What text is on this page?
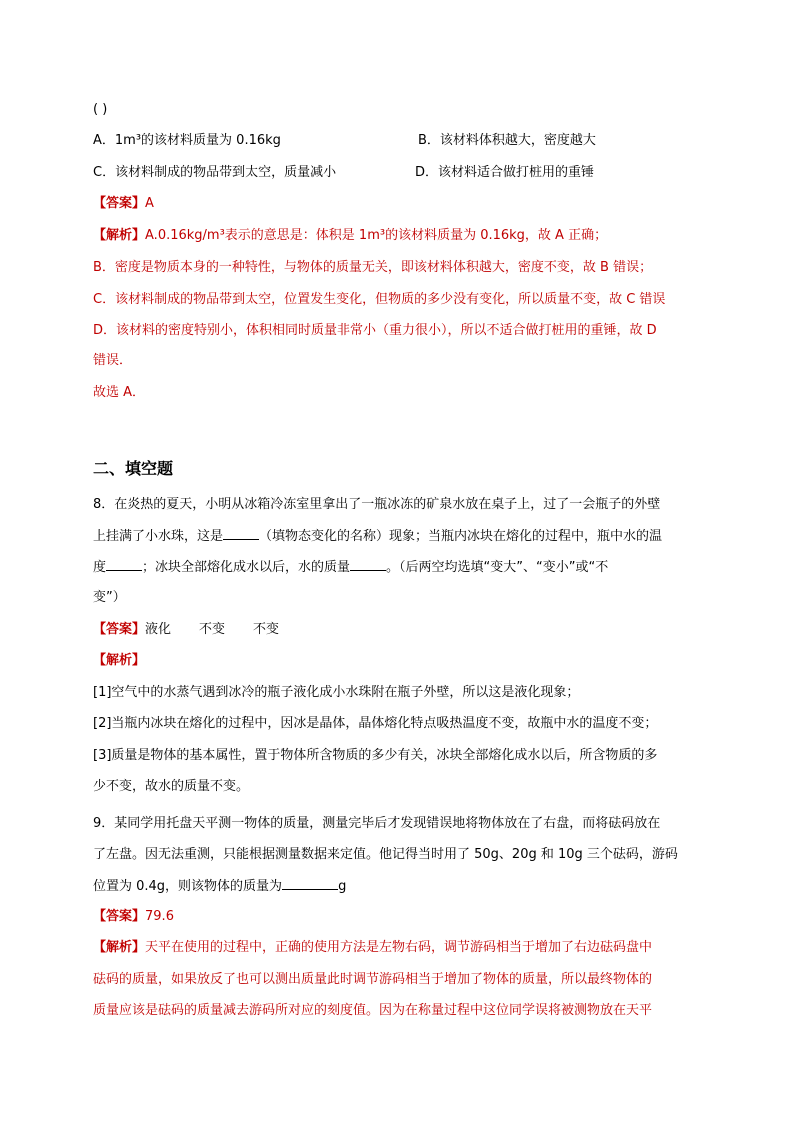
( )
A．1m³的该材料质量为 0.16kg	B．该材料体积越大，密度越大
C．该材料制成的物品带到太空，质量减小	D．该材料适合做打桩用的重锤
【答案】A
【解析】A.0.16kg/m³表示的意思是：体积是 1m³的该材料质量为 0.16kg，故 A 正确；
B．密度是物质本身的一种特性，与物体的质量无关，即该材料体积越大，密度不变，故 B 错误；
C．该材料制成的物品带到太空，位置发生变化，但物质的多少没有变化，所以质量不变，故 C 错误
D．该材料的密度特别小，体积相同时质量非常小（重力很小），所以不适合做打桩用的重锤，故 D
错误．
故选 A．
二、填空题
8．在炎热的夏天，小明从冰箱冷冻室里拿出了一瓶冰冻的矿泉水放在桌子上，过了一会瓶子的外壁
上挂满了小水珠，这是	（填物态变化的名称）现象；当瓶内冰块在熔化的过程中，瓶中水的温
度	；冰块全部熔化成水以后，水的质量	。（后两空均选填“变大”、“变小”或“不
变”）
【答案】液化 不变 不变
【解析】
[1]空气中的水蒸气遇到冰冷的瓶子液化成小水珠附在瓶子外壁，所以这是液化现象；
[2]当瓶内冰块在熔化的过程中，因冰是晶体，晶体熔化特点吸热温度不变，故瓶中水的温度不变；
[3]质量是物体的基本属性，置于物体所含物质的多少有关，冰块全部熔化成水以后，所含物质的多
少不变，故水的质量不变。
9．某同学用托盘天平测一物体的质量，测量完毕后才发现错误地将物体放在了右盘，而将砝码放在
了左盘。因无法重测，只能根据测量数据来定值。他记得当时用了 50g、20g 和 10g 三个砝码，游码
位置为 0.4g，则该物体的质量为	g
【答案】79.6
【解析】天平在使用的过程中，正确的使用方法是左物右码，调节游码相当于增加了右边砝码盘中
砝码的质量，如果放反了也可以测出质量此时调节游码相当于增加了物体的质量，所以最终物体的
质量应该是砝码的质量减去游码所对应的刻度值。因为在称量过程中这位同学误将被测物放在天平
